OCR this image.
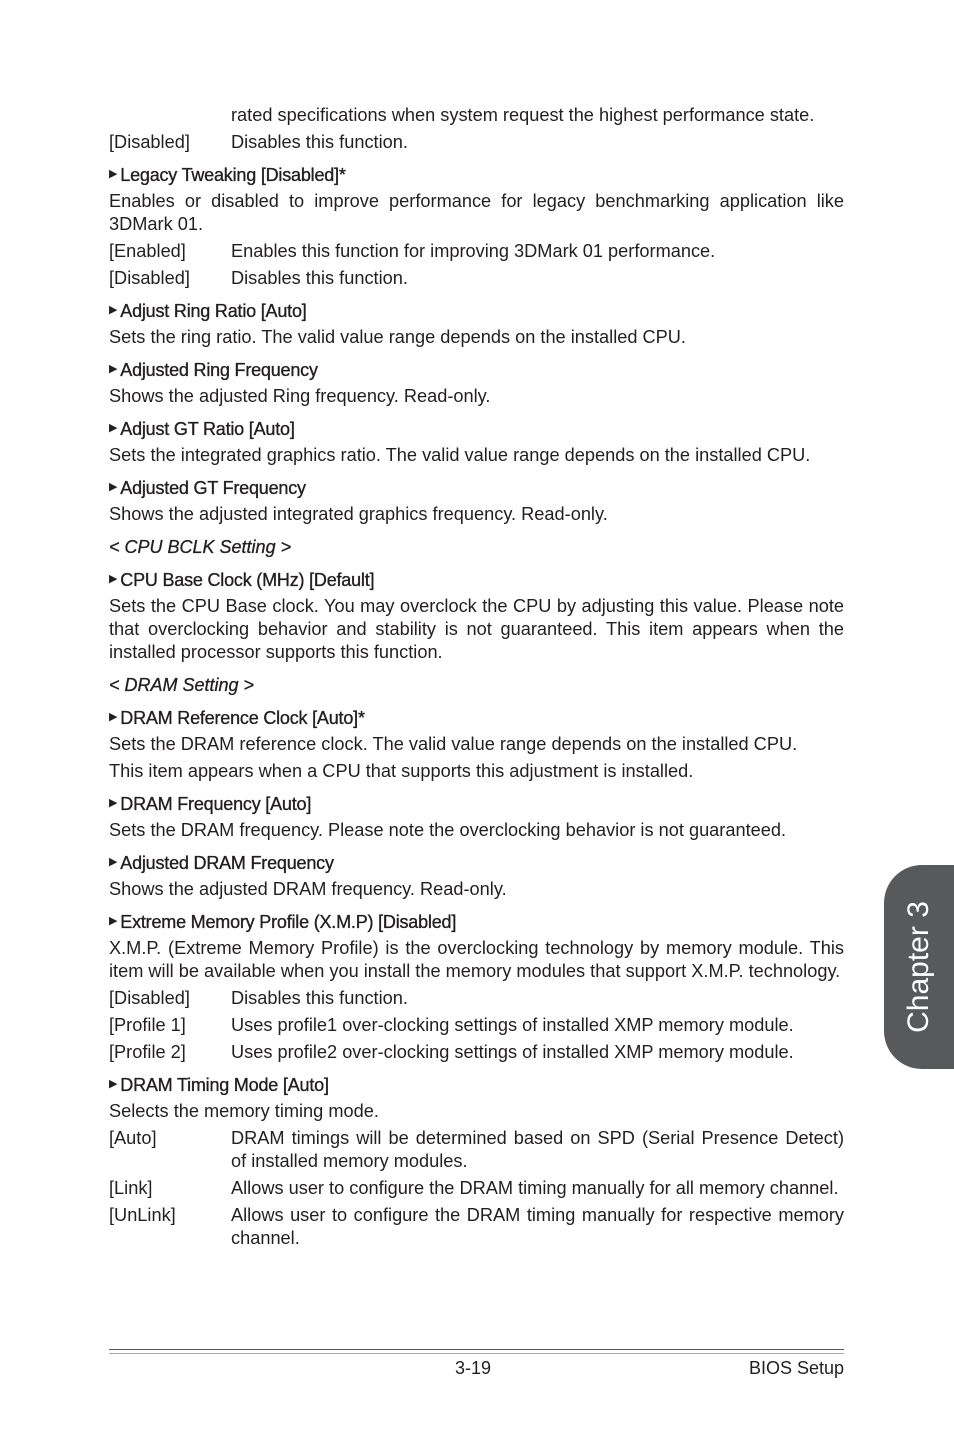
rated specifications when system request the highest performance state.
[Disabled]	Disables this function.
▶ Legacy Tweaking [Disabled]*
Enables or disabled to improve performance for legacy benchmarking application like 3DMark 01.
[Enabled]	Enables this function for improving 3DMark 01 performance.
[Disabled]	Disables this function.
▶ Adjust Ring Ratio [Auto]
Sets the ring ratio. The valid value range depends on the installed CPU.
▶ Adjusted Ring Frequency
Shows the adjusted Ring frequency. Read-only.
▶ Adjust GT Ratio [Auto]
Sets the integrated graphics ratio. The valid value range depends on the installed CPU.
▶ Adjusted GT Frequency
Shows the adjusted integrated graphics frequency. Read-only.
< CPU BCLK Setting >
▶ CPU Base Clock (MHz) [Default]
Sets the CPU Base clock. You may overclock the CPU by adjusting this value. Please note that overclocking behavior and stability is not guaranteed. This item appears when the installed processor supports this function.
< DRAM Setting >
▶ DRAM Reference Clock [Auto]*
Sets the DRAM reference clock. The valid value range depends on the installed CPU.
This item appears when a CPU that supports this adjustment is installed.
▶ DRAM Frequency [Auto]
Sets the DRAM frequency. Please note the overclocking behavior is not guaranteed.
▶ Adjusted DRAM Frequency
Shows the adjusted DRAM frequency. Read-only.
▶ Extreme Memory Profile (X.M.P) [Disabled]
X.M.P. (Extreme Memory Profile) is the overclocking technology by memory module. This item will be available when you install the memory modules that support X.M.P. technology.
[Disabled]	Disables this function.
[Profile 1]	Uses profile1 over-clocking settings of installed XMP memory module.
[Profile 2]	Uses profile2 over-clocking settings of installed XMP memory module.
▶ DRAM Timing Mode [Auto]
Selects the memory timing mode.
[Auto]	DRAM timings will be determined based on SPD (Serial Presence Detect) of installed memory modules.
[Link]	Allows user to configure the DRAM timing manually for all memory channel.
[UnLink]	Allows user to configure the DRAM timing manually for respective memory channel.
3-19	BIOS Setup
Chapter 3
